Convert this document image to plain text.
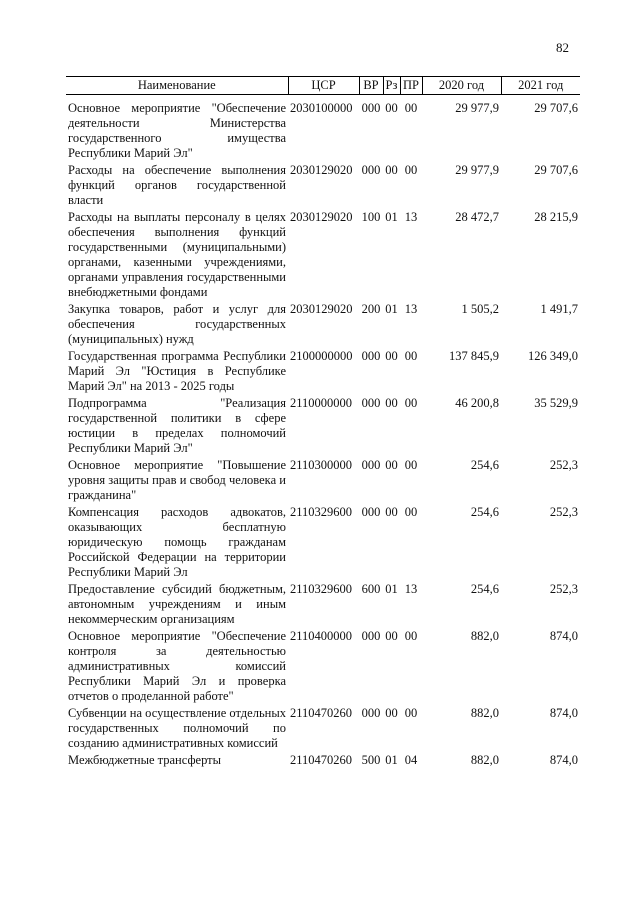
82
Наименование	ЦСР	ВР	Рз	ПР	2020 год	2021 год
Основное мероприятие "Обеспечение деятельности Министерства государственного имущества Республики Марий Эл"	2030100000	000	00	00	29 977,9	29 707,6
Расходы на обеспечение выполнения функций органов государственной власти	2030129020	000	00	00	29 977,9	29 707,6
Расходы на выплаты персоналу в целях обеспечения выполнения функций государственными (муниципальными) органами, казенными учреждениями, органами управления государственными внебюджетными фондами	2030129020	100	01	13	28 472,7	28 215,9
Закупка товаров, работ и услуг для обеспечения государственных (муниципальных) нужд	2030129020	200	01	13	1 505,2	1 491,7
Государственная программа Республики Марий Эл "Юстиция в Республике Марий Эл" на 2013 - 2025 годы	2100000000	000	00	00	137 845,9	126 349,0
Подпрограмма "Реализация государственной политики в сфере юстиции в пределах полномочий Республики Марий Эл"	2110000000	000	00	00	46 200,8	35 529,9
Основное мероприятие "Повышение уровня защиты прав и свобод человека и гражданина"	2110300000	000	00	00	254,6	252,3
Компенсация расходов адвокатов, оказывающих бесплатную юридическую помощь гражданам Российской Федерации на территории Республики Марий Эл	2110329600	000	00	00	254,6	252,3
Предоставление субсидий бюджетным, автономным учреждениям и иным некоммерческим организациям	2110329600	600	01	13	254,6	252,3
Основное мероприятие "Обеспечение контроля за деятельностью административных комиссий Республики Марий Эл и проверка отчетов о проделанной работе"	2110400000	000	00	00	882,0	874,0
Субвенции на осуществление отдельных государственных полномочий по созданию административных комиссий	2110470260	000	00	00	882,0	874,0
Межбюджетные трансферты	2110470260	500	01	04	882,0	874,0
